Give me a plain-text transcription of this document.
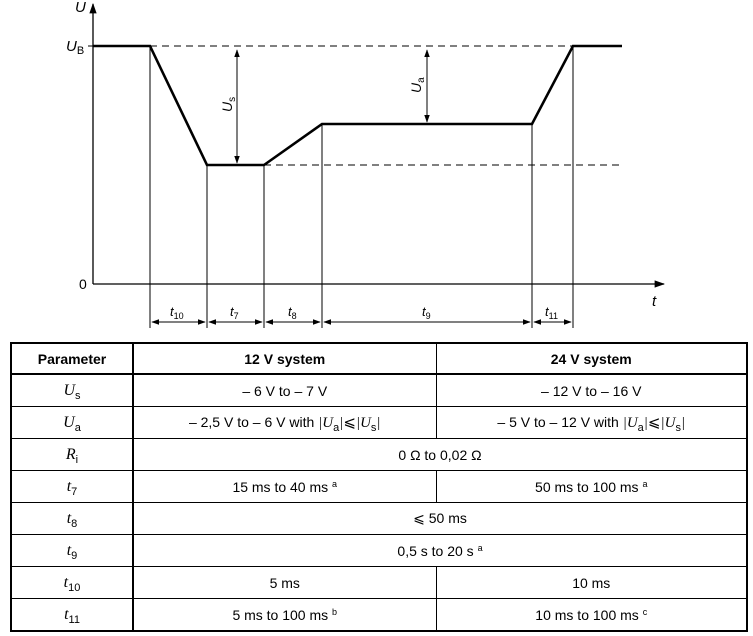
U
t
0
$U_B$
$U_s$
$U_a$
$t_{10}$	$t_7$	$t_8$	$t_9$	$t_{11}$
Parameter	12 V system	24 V system
$U_s$	– 6 V to – 7 V	– 12 V to – 16 V
$U_a$	– 2,5 V to – 6 V with $|U_a|⩽|U_s|$	– 5 V to – 12 V with $|U_a|⩽|U_s|$
$R_i$	0 Ω to 0,02 Ω	
$t_7$	15 ms to 40 ms $^a$	50 ms to 100 ms $^a$
$t_8$	⩽ 50 ms	
$t_9$	0,5 s to 20 s $^a$
$t_{10}$	5 ms	10 ms
$t_{11}$	5 ms to 100 ms $^b$	10 ms to 100 ms $^c$
